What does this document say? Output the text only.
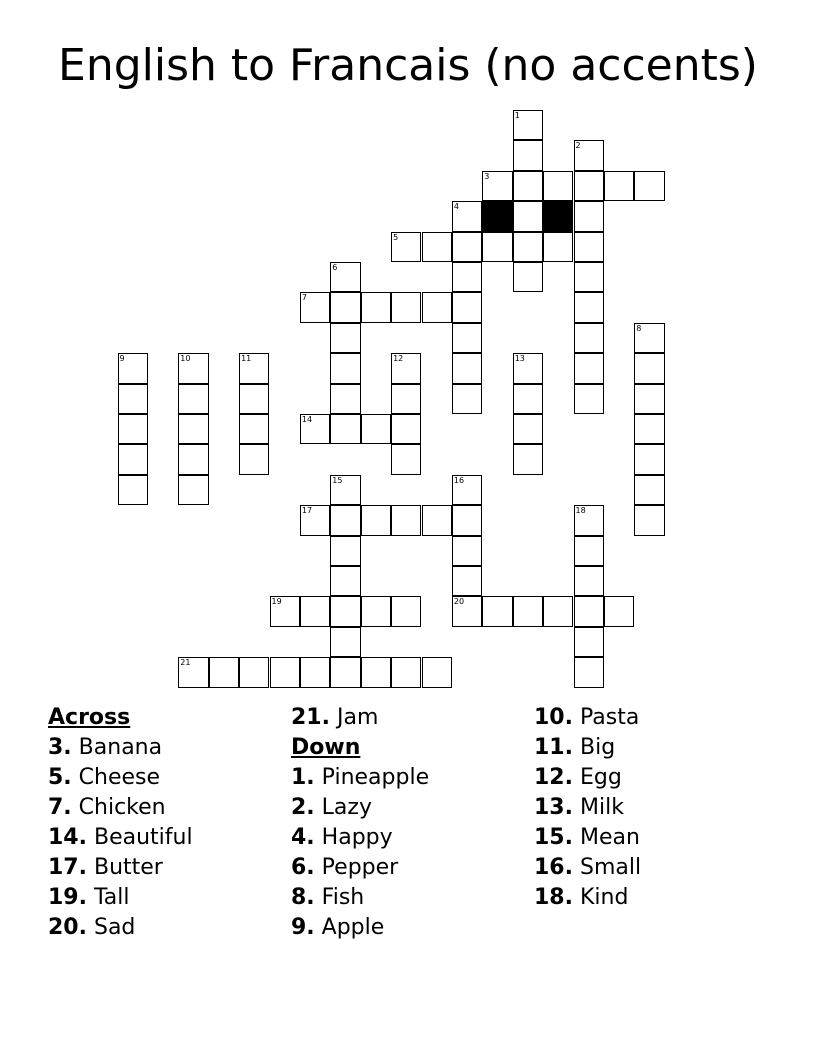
English to Francais (no accents)
1
2
3
4
5
6
7
8
9	10	11	12	13
14
15	16
17	18
19	20
21
Across
3. Banana
5. Cheese
7. Chicken
14. Beautiful
17. Butter
19. Tall
20. Sad
21. Jam
Down
1. Pineapple
2. Lazy
4. Happy
6. Pepper
8. Fish
9. Apple
10. Pasta
11. Big
12. Egg
13. Milk
15. Mean
16. Small
18. Kind
